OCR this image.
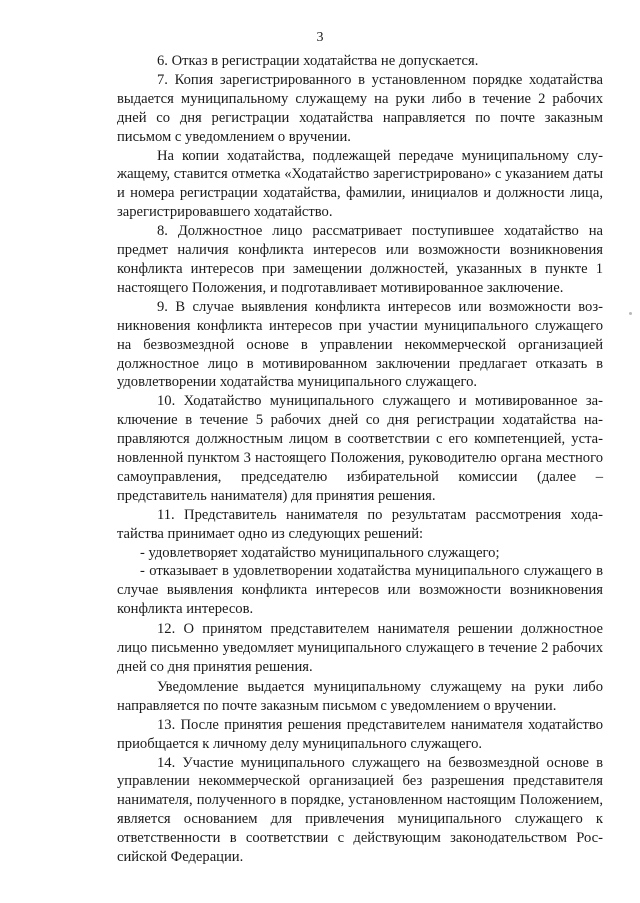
3

6. Отказ в регистрации ходатайства не допускается.

7. Копия зарегистрированного в установленном порядке ходатайства выдается муниципальному служащему на руки либо в течение 2 рабочих дней со дня регистрации ходатайства направляется по почте заказным письмом с уведомлением о вручении.

На копии ходатайства, подлежащей передаче муниципальному служащему, ставится отметка «Ходатайство зарегистрировано» с указанием даты и номера регистрации ходатайства, фамилии, инициалов и должности лица, зарегистрировавшего ходатайство.

8. Должностное лицо рассматривает поступившее ходатайство на предмет наличия конфликта интересов или возможности возникновения конфликта интересов при замещении должностей, указанных в пункте 1 настоящего Положения, и подготавливает мотивированное заключение.

9. В случае выявления конфликта интересов или возможности возникновения конфликта интересов при участии муниципального служащего на безвозмездной основе в управлении некоммерческой организацией должностное лицо в мотивированном заключении предлагает отказать в удовлетворении ходатайства муниципального служащего.

10. Ходатайство муниципального служащего и мотивированное заключение в течение 5 рабочих дней со дня регистрации ходатайства направляются должностным лицом в соответствии с его компетенцией, установленной пунктом 3 настоящего Положения, руководителю органа местного самоуправления, председателю избирательной комиссии (далее – представитель нанимателя) для принятия решения.

11. Представитель нанимателя по результатам рассмотрения ходатайства принимает одно из следующих решений:

- удовлетворяет ходатайство муниципального служащего;

- отказывает в удовлетворении ходатайства муниципального служащего в случае выявления конфликта интересов или возможности возникновения конфликта интересов.

12. О принятом представителем нанимателя решении должностное лицо письменно уведомляет муниципального служащего в течение 2 рабочих дней со дня принятия решения.

Уведомление выдается муниципальному служащему на руки либо направляется по почте заказным письмом с уведомлением о вручении.

13. После принятия решения представителем нанимателя ходатайство приобщается к личному делу муниципального служащего.

14. Участие муниципального служащего на безвозмездной основе в управлении некоммерческой организацией без разрешения представителя нанимателя, полученного в порядке, установленном настоящим Положением, является основанием для привлечения муниципального служащего к ответственности в соответствии с действующим законодательством Российской Федерации.
